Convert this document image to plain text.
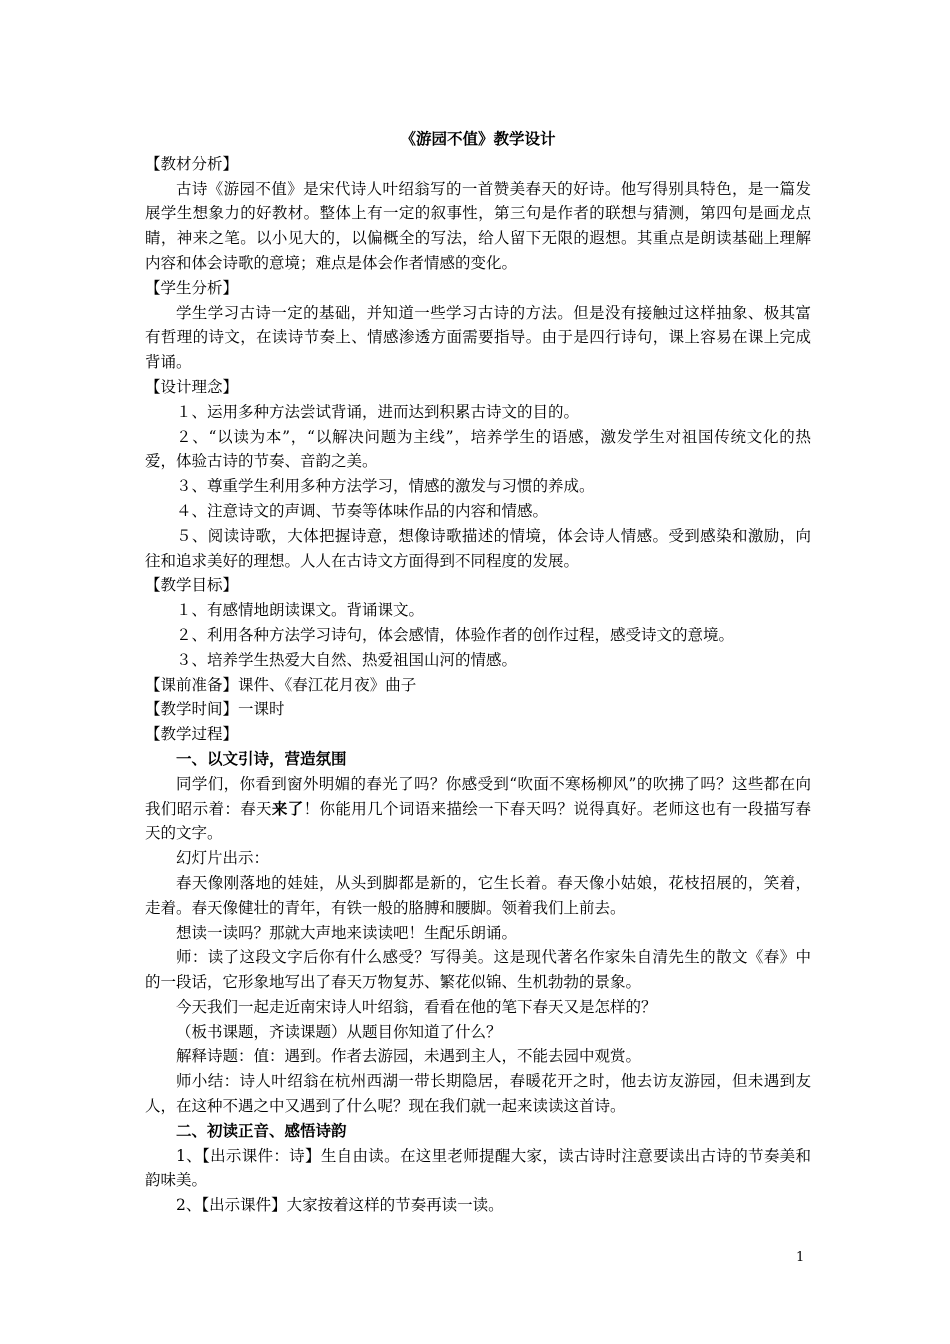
《游园不值》教学设计

【教材分析】

古诗《游园不值》是宋代诗人叶绍翁写的一首赞美春天的好诗。他写得别具特色，是一篇发展学生想象力的好教材。整体上有一定的叙事性，第三句是作者的联想与猜测，第四句是画龙点睛，神来之笔。以小见大的，以偏概全的写法，给人留下无限的遐想。其重点是朗读基础上理解内容和体会诗歌的意境；难点是体会作者情感的变化。

【学生分析】

学生学习古诗一定的基础，并知道一些学习古诗的方法。但是没有接触过这样抽象、极其富有哲理的诗文，在读诗节奏上、情感渗透方面需要指导。由于是四行诗句，课上容易在课上完成背诵。

【设计理念】

１、运用多种方法尝试背诵，进而达到积累古诗文的目的。

２、“以读为本”，“以解决问题为主线”，培养学生的语感，激发学生对祖国传统文化的热爱，体验古诗的节奏、音韵之美。

３、尊重学生利用多种方法学习，情感的激发与习惯的养成。

４、注意诗文的声调、节奏等体味作品的内容和情感。

５、阅读诗歌，大体把握诗意，想像诗歌描述的情境，体会诗人情感。受到感染和激励，向往和追求美好的理想。人人在古诗文方面得到不同程度的发展。

【教学目标】

１、有感情地朗读课文。背诵课文。

２、利用各种方法学习诗句，体会感情，体验作者的创作过程，感受诗文的意境。

３、培养学生热爱大自然、热爱祖国山河的情感。

【课前准备】课件、《春江花月夜》曲子

【教学时间】一课时

【教学过程】

一、以文引诗，营造氛围

同学们，你看到窗外明媚的春光了吗？你感受到“吹面不寒杨柳风”的吹拂了吗？这些都在向我们昭示着：春天来了！你能用几个词语来描绘一下春天吗？说得真好。老师这也有一段描写春天的文字。

幻灯片出示：

春天像刚落地的娃娃，从头到脚都是新的，它生长着。春天像小姑娘，花枝招展的，笑着，走着。春天像健壮的青年，有铁一般的胳膊和腰脚。领着我们上前去。

想读一读吗？那就大声地来读读吧！生配乐朗诵。

师：读了这段文字后你有什么感受？写得美。这是现代著名作家朱自清先生的散文《春》中的一段话，它形象地写出了春天万物复苏、繁花似锦、生机勃勃的景象。

今天我们一起走近南宋诗人叶绍翁，看看在他的笔下春天又是怎样的？

（板书课题，齐读课题）从题目你知道了什么？

解释诗题：值：遇到。作者去游园，未遇到主人，不能去园中观赏。

师小结：诗人叶绍翁在杭州西湖一带长期隐居，春暖花开之时，他去访友游园，但未遇到友人，在这种不遇之中又遇到了什么呢？现在我们就一起来读读这首诗。

二、初读正音、感悟诗韵

1、【出示课件：诗】生自由读。在这里老师提醒大家，读古诗时注意要读出古诗的节奏美和韵味美。

2、【出示课件】大家按着这样的节奏再读一读。

1
